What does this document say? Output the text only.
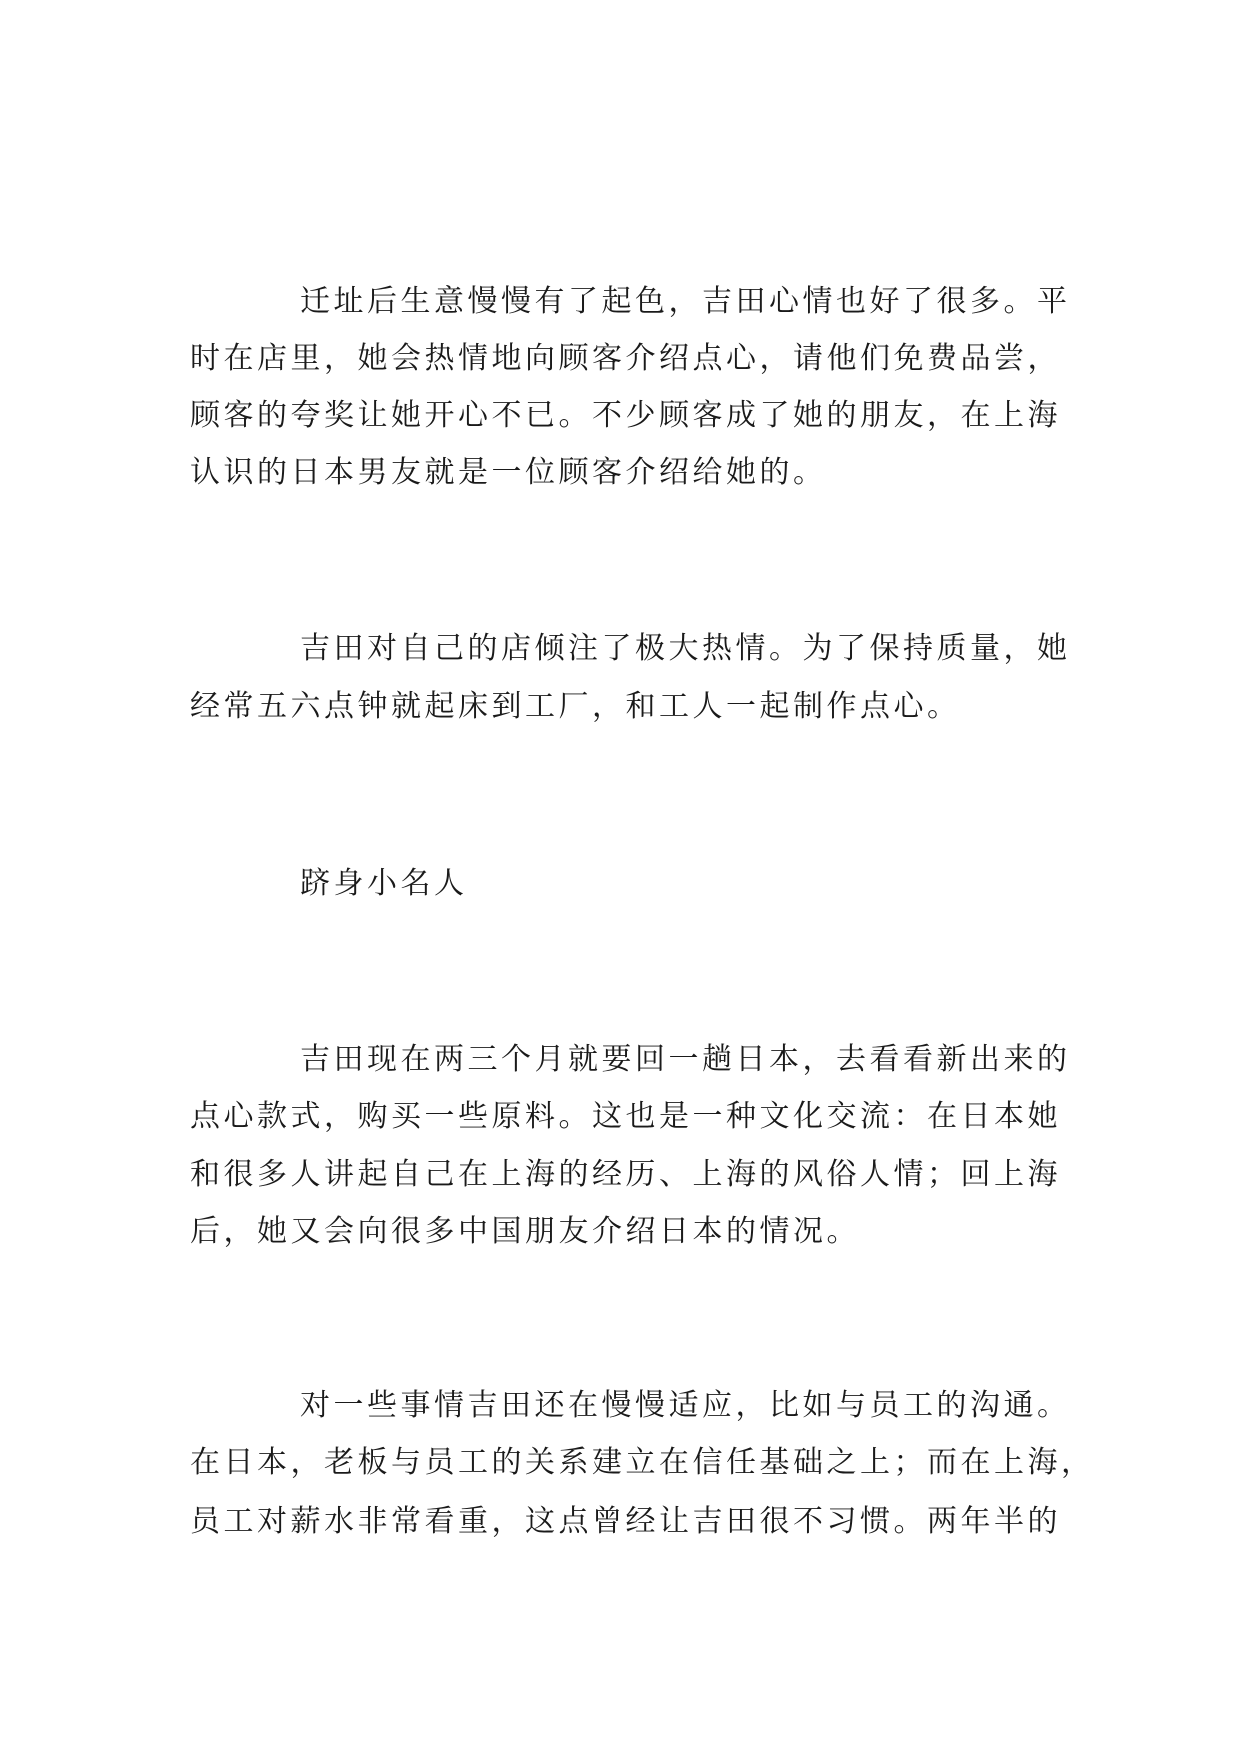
迁址后生意慢慢有了起色，吉田心情也好了很多。平
时在店里，她会热情地向顾客介绍点心，请他们免费品尝，
顾客的夸奖让她开心不已。不少顾客成了她的朋友，在上海
认识的日本男友就是一位顾客介绍给她的。
吉田对自己的店倾注了极大热情。为了保持质量，她
经常五六点钟就起床到工厂，和工人一起制作点心。
跻身小名人
吉田现在两三个月就要回一趟日本，去看看新出来的
点心款式，购买一些原料。这也是一种文化交流：在日本她
和很多人讲起自己在上海的经历、上海的风俗人情；回上海
后，她又会向很多中国朋友介绍日本的情况。
对一些事情吉田还在慢慢适应，比如与员工的沟通。
在日本，老板与员工的关系建立在信任基础之上；而在上海，
员工对薪水非常看重，这点曾经让吉田很不习惯。两年半的
